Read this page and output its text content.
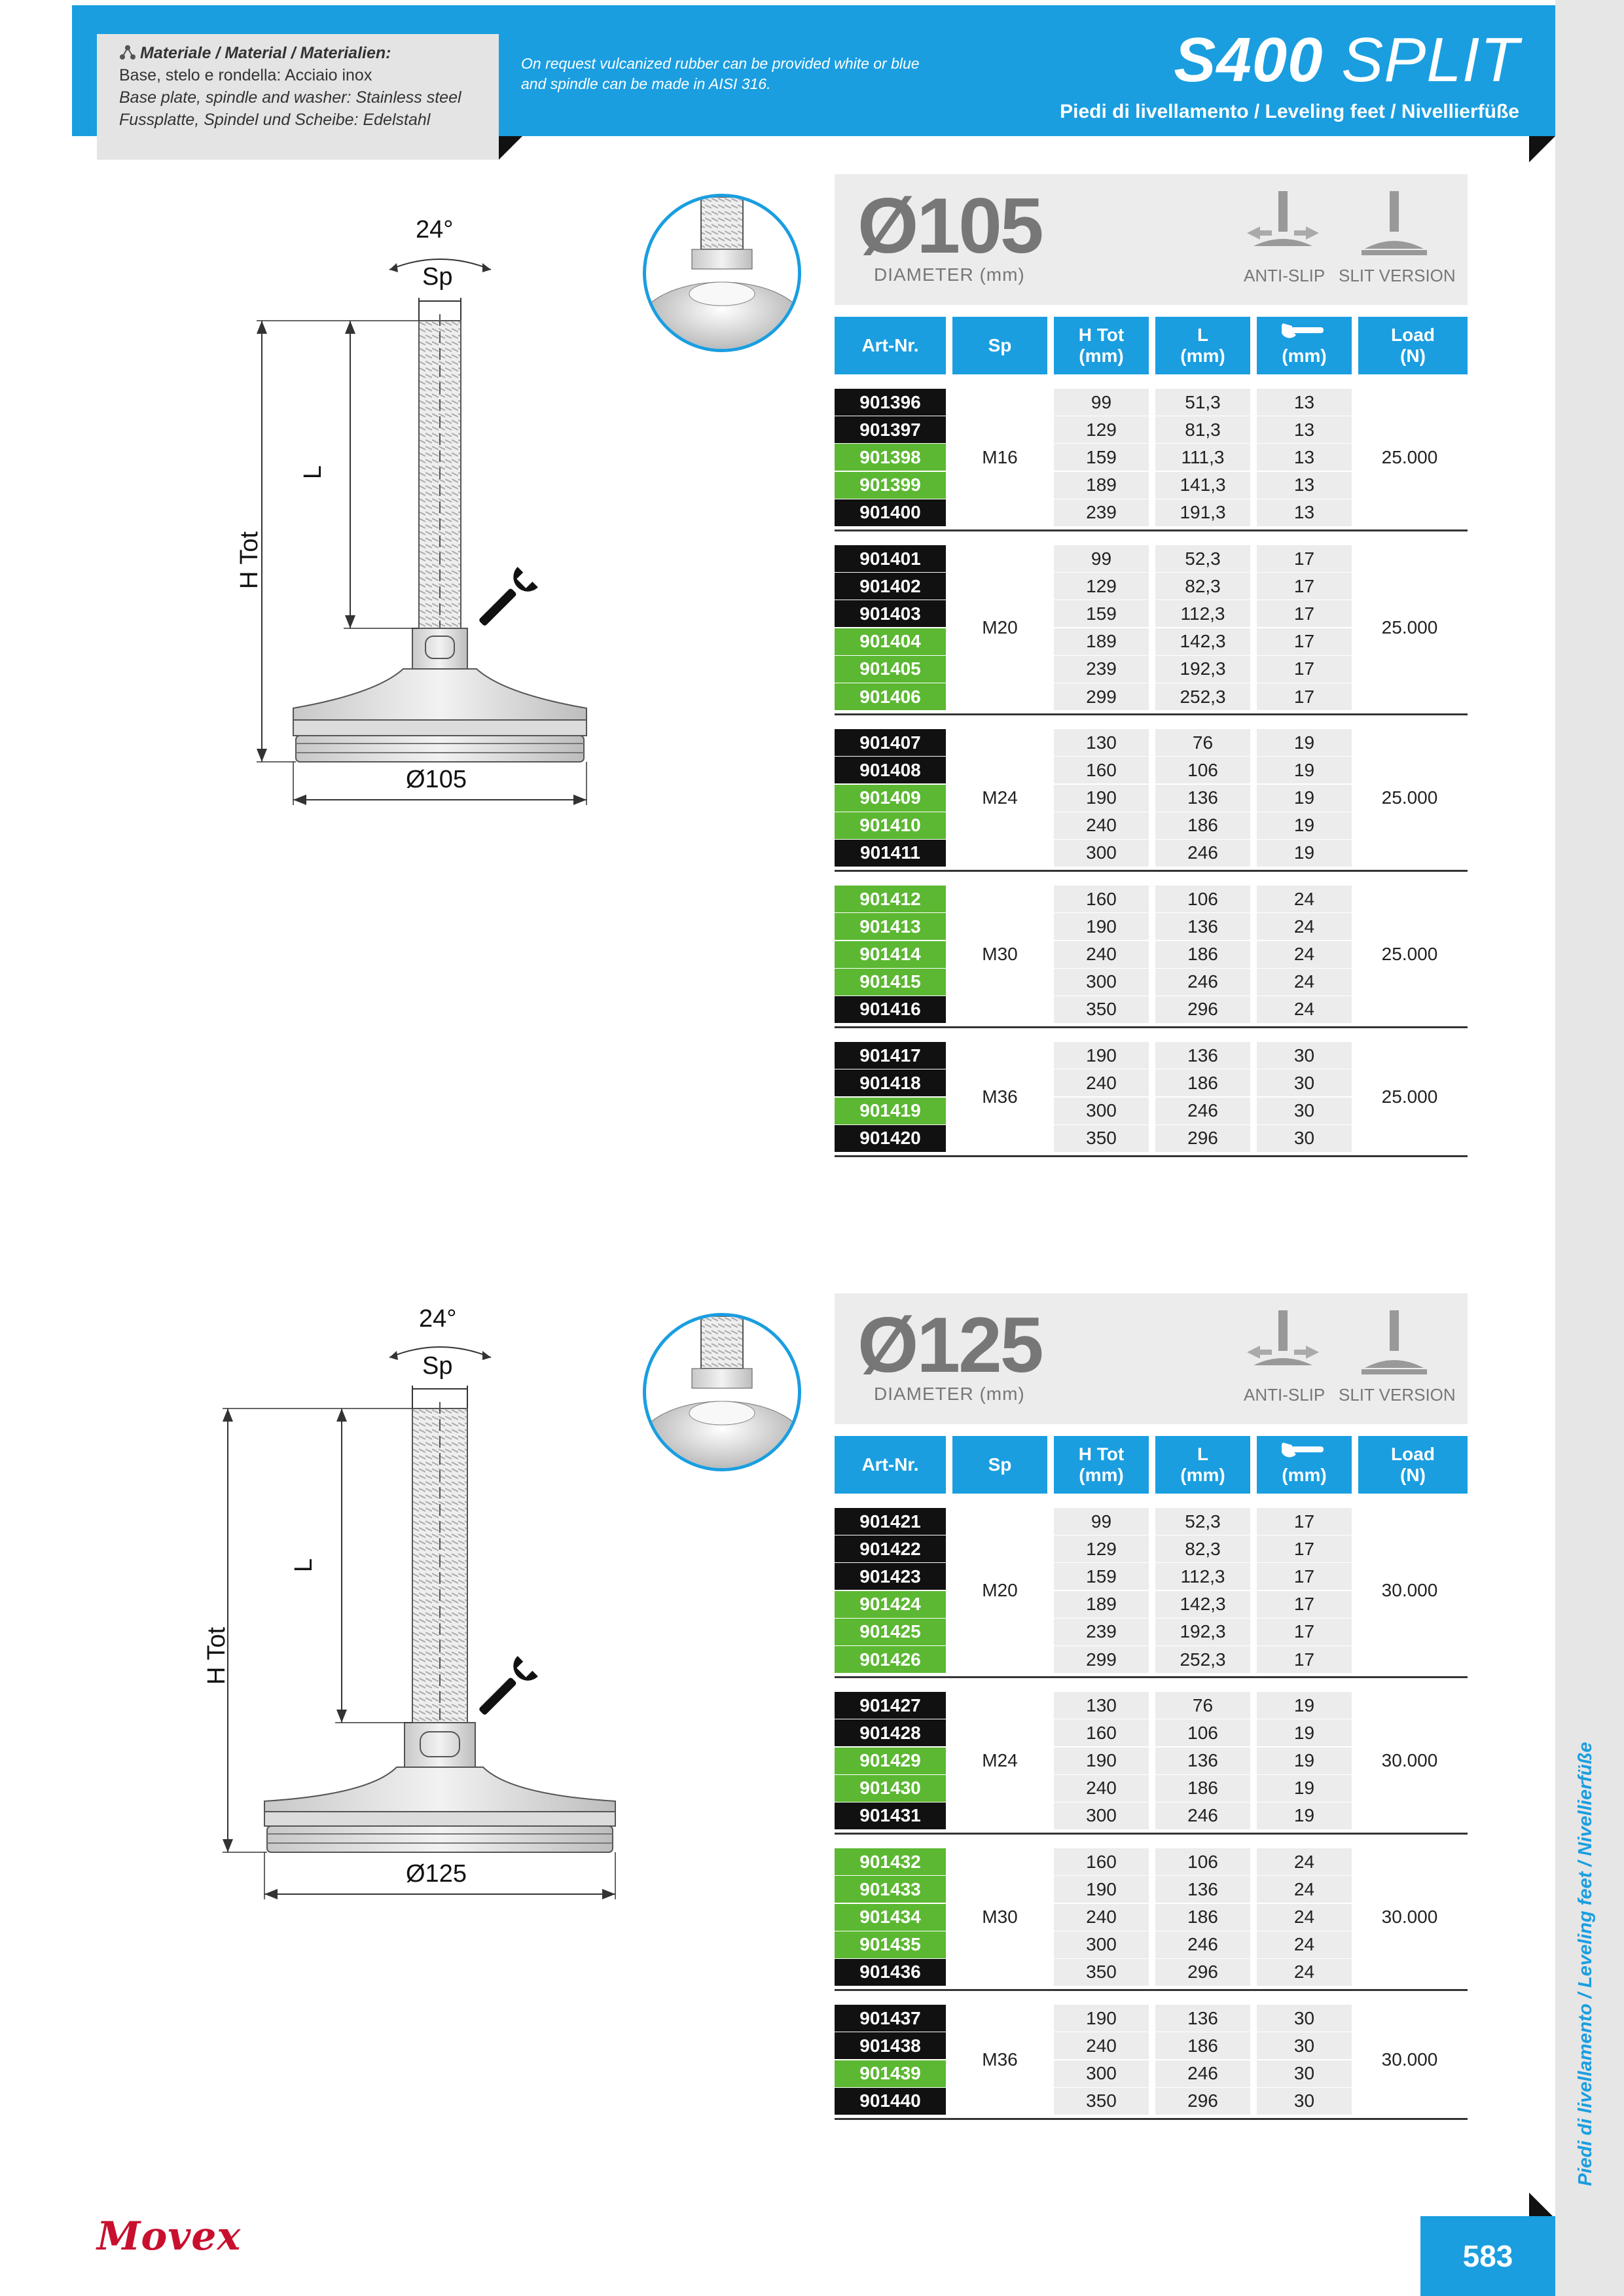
Materiale / Material / Materialien:
Base, stelo e rondella: Acciaio inox
Base plate, spindle and washer: Stainless steel
Fussplatte, Spindel und Scheibe: Edelstahl
On request vulcanized rubber can be provided white or blue and spindle can be made in AISI 316.	S400 SPLIT
Piedi di livellamento / Leveling feet / Nivellierfüße
Piedi di livellamento / Leveling feet / Nivellierfüße
583
Movex
24°
Sp
L
H Tot
Ø105
24°
Sp
L
H Tot
Ø125
Ø105
DIAMETER (mm)	ANTI-SLIP SLIT VERSION
Ø125
DIAMETER (mm)	ANTI-SLIP SLIT VERSION
Art-Nr.	Sp
H Tot
(mm)
L
(mm)	(mm)
Load
(N)
901396	99	51,3	13
901397	129	81,3	13
901398	159	111,3	13
901399	189	141,3	13
901400	239	191,3	13
M16	25.000
901401	99	52,3	17
901402	129	82,3	17
901403	159	112,3	17
901404	189	142,3	17
901405	239	192,3	17
901406	299	252,3	17
M20	25.000
901407	130	76	19
901408	160	106	19
901409	190	136	19
901410	240	186	19
901411	300	246	19
M24	25.000
901412	160	106	24
901413	190	136	24
901414	240	186	24
901415	300	246	24
901416	350	296	24
M30	25.000
901417	190	136	30
901418	240	186	30
901419	300	246	30
901420	350	296	30
M36	25.000
Art-Nr.	Sp
H Tot
(mm)
L
(mm)	(mm)
Load
(N)
901421	99	52,3	17
901422	129	82,3	17
901423	159	112,3	17
901424	189	142,3	17
901425	239	192,3	17
901426	299	252,3	17
M20	30.000
901427	130	76	19
901428	160	106	19
901429	190	136	19
901430	240	186	19
901431	300	246	19
M24	30.000
901432	160	106	24
901433	190	136	24
901434	240	186	24
901435	300	246	24
901436	350	296	24
M30	30.000
901437	190	136	30
901438	240	186	30
901439	300	246	30
901440	350	296	30
M36	30.000
